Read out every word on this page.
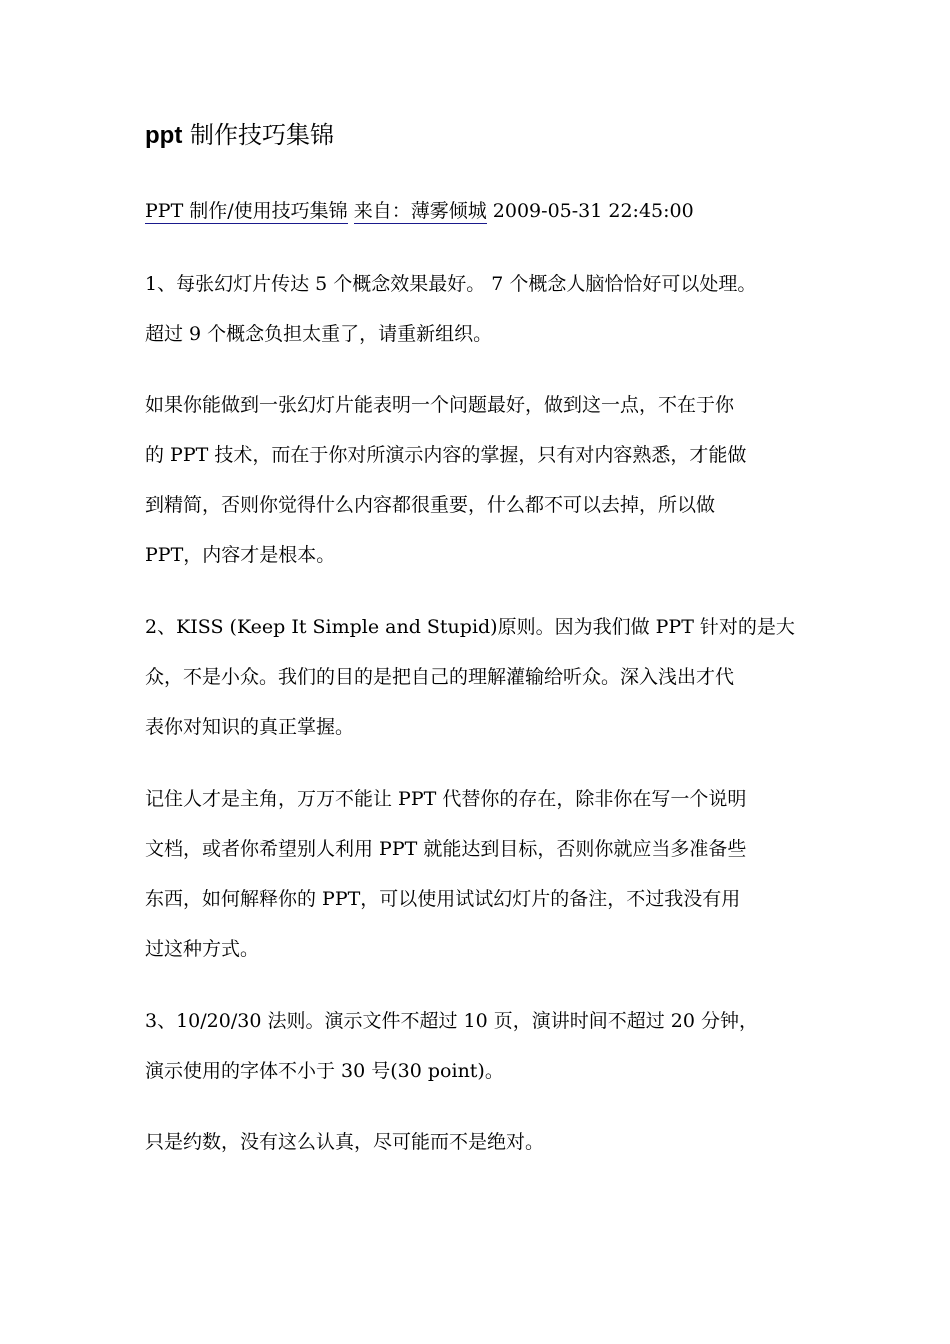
ppt 制作技巧集锦
PPT 制作/使用技巧集锦 来自：薄雾倾城 2009-05-31 22:45:00

1、每张幻灯片传达 5 个概念效果最好。 7 个概念人脑恰恰好可以处理。
超过 9 个概念负担太重了，请重新组织。

如果你能做到一张幻灯片能表明一个问题最好，做到这一点，不在于你
的 PPT 技术，而在于你对所演示内容的掌握，只有对内容熟悉，才能做
到精简，否则你觉得什么内容都很重要，什么都不可以去掉，所以做
PPT，内容才是根本。

2、KISS (Keep It Simple and Stupid)原则。因为我们做 PPT 针对的是大
众，不是小众。我们的目的是把自己的理解灌输给听众。深入浅出才代
表你对知识的真正掌握。

记住人才是主角，万万不能让 PPT 代替你的存在，除非你在写一个说明
文档，或者你希望别人利用 PPT 就能达到目标，否则你就应当多准备些
东西，如何解释你的 PPT，可以使用试试幻灯片的备注，不过我没有用
过这种方式。

3、10/20/30 法则。演示文件不超过 10 页，演讲时间不超过 20 分钟，
演示使用的字体不小于 30 号(30 point)。

只是约数，没有这么认真，尽可能而不是绝对。
